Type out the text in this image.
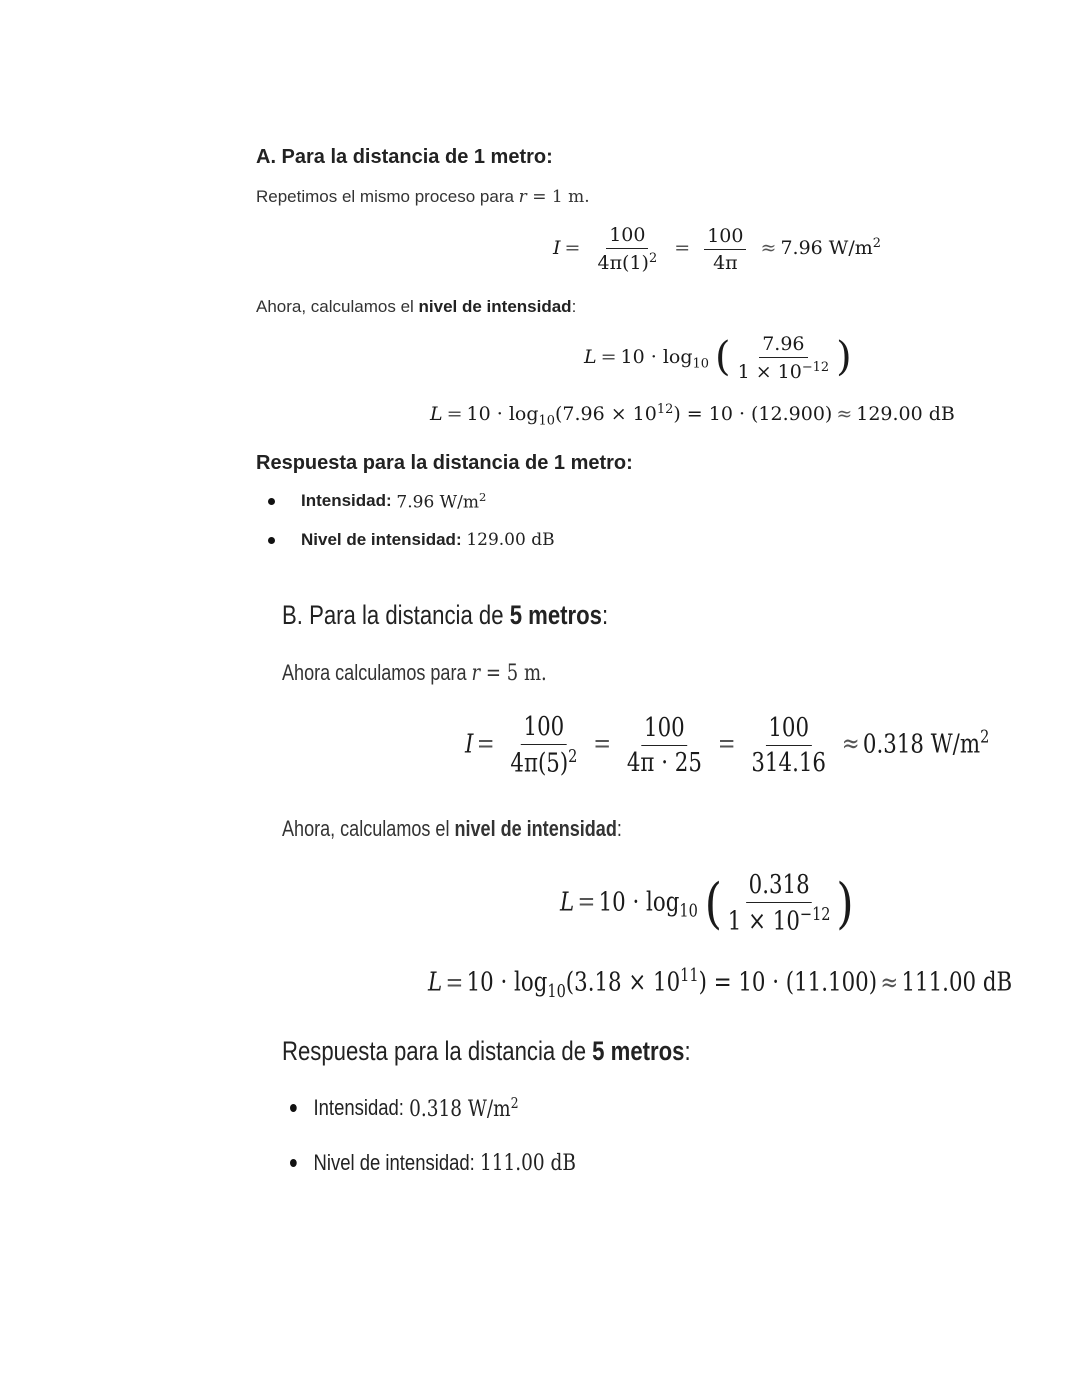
A. Para la distancia de 1 metro:
Repetimos el mismo proceso para r = 1 m.
$I = \frac{100}{4\pi(1)^2} = \frac{100}{4\pi} \approx 7.96$ $W/m^2$
Ahora, calculamos el nivel de intensidad:
$L = 10 \cdot \log_{10}$ ( $\frac{7.96}{1 \times 10^{-12}}$ )
$L = 10 \cdot \log_{10}(7.96 \times 10^{12}) = 10 \cdot (12.900) \approx 129.00$ dB
Respuesta para la distancia de 1 metro:
Intensidad : 7.96 $W/m^2$
Nivel de intensidad : 129.00 dB
B. Para la distancia de 5 metros:
Ahora calculamos para r = 5 m.
$I = \frac{100}{4\pi(5)^2} = \frac{100}{4\pi \cdot 25} = \frac{100}{314.16} \approx 0.318$ $W/m^2$
Ahora, calculamos el nivel de intensidad:
$L = 10 \cdot \log_{10}$ ( $\frac{0.318}{1 \times 10^{-12}}$ )
$L = 10 \cdot \log_{10}(3.18 \times 10^{11}) = 10 \cdot (11.100) \approx 111.00$ dB
Respuesta para la distancia de 5 metros:
Intensidad : 0.318 $W/m^2$
Nivel de intensidad : 111.00 dB
